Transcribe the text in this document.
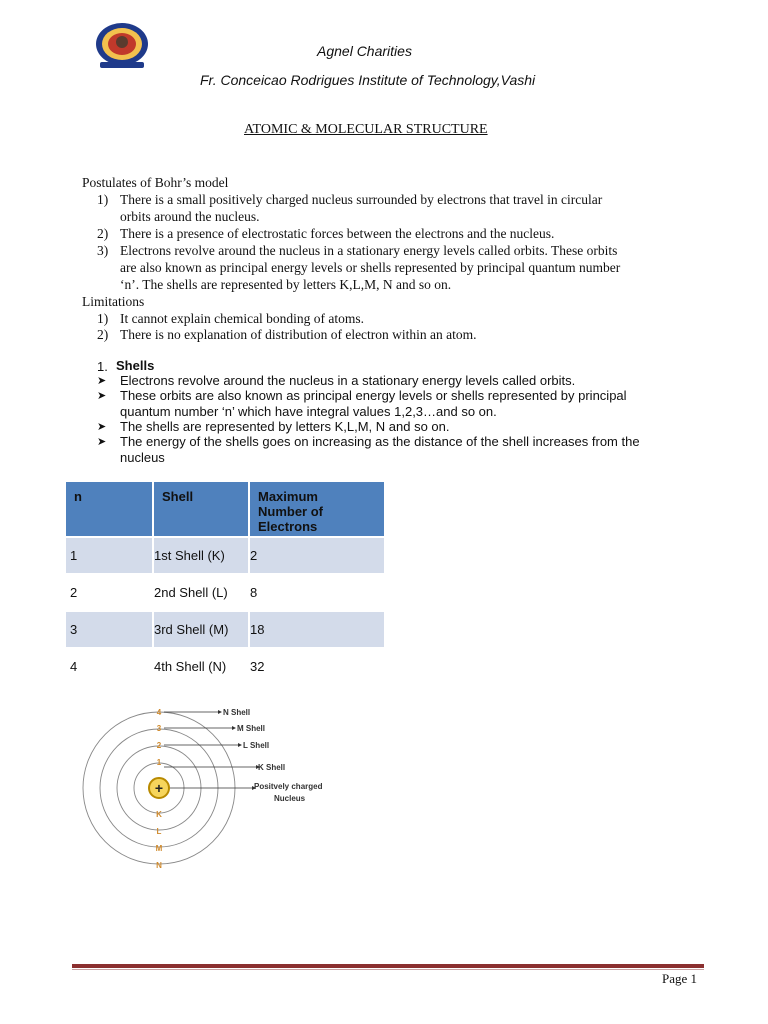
Agnel Charities
Fr. Conceicao Rodrigues Institute of Technology,Vashi
ATOMIC & MOLECULAR STRUCTURE
Postulates of Bohr’s model
1) There is a small positively charged nucleus surrounded by electrons that travel in circular
orbits around the nucleus.
2) There is a presence of electrostatic forces between the electrons and the nucleus.
3) Electrons revolve around the nucleus in a stationary energy levels called orbits. These orbits
are also known as principal energy levels or shells represented by principal quantum number
‘n’. The shells are represented by letters K,L,M, N and so on.
Limitations
1) It cannot explain chemical bonding of atoms.
2) There is no explanation of distribution of electron within an atom.
1. Shells
➤ Electrons revolve around the nucleus in a stationary energy levels called orbits.
➤ These orbits are also known as principal energy levels or shells represented by principal
quantum number ‘n’ which have integral values 1,2,3…and so on.
➤ The shells are represented by letters K,L,M, N and so on.
➤ The energy of the shells goes on increasing as the distance of the shell increases from the
nucleus
n	Shell	Maximum
Number of
Electrons

1	1st Shell (K)	2
2	2nd Shell (L)	8
3	3rd Shell (M)	18
4	4th Shell (N)	32
+
4
3
2
1
K
L
M
N
N Shell
M Shell
L Shell
K Shell
Positvely charged
Nucleus
Page 1
